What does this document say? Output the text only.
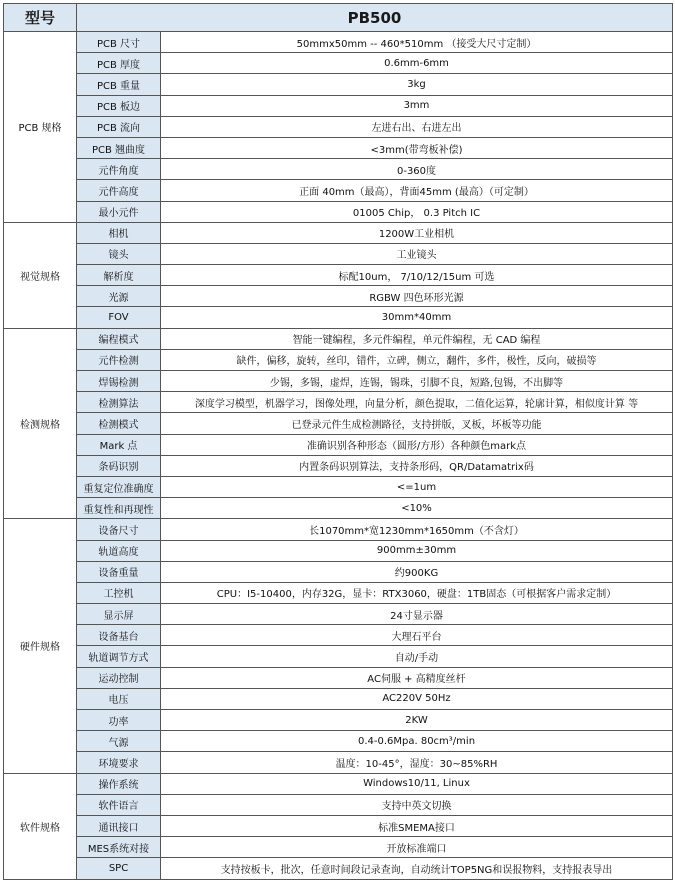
型号	PB500	
PCB 规格	PCB 尺寸	50mmx50mm -- 460*510mm （接受大尺寸定制）
	PCB 厚度	0.6mm-6mm
	PCB 重量	3kg
	PCB 板边	3mm
	PCB 流向	左进右出、右进左出
	PCB 翘曲度	<3mm(带弯板补偿)
	元件角度	0-360度
	元件高度	正面 40mm（最高），背面45mm (最高）（可定制）
	最小元件	01005 Chip， 0.3 Pitch IC
视觉规格	相机	1200W工业相机
	镜头	工业镜头
	解析度	标配10um， 7/10/12/15um 可选
	光源	RGBW 四色环形光源
	FOV	30mm*40mm
检测规格	编程模式	智能一键编程，多元件编程，单元件编程，无 CAD 编程
	元件检测	缺件，偏移，旋转，丝印，错件，立碑，侧立，翻件，多件，极性，反向，破损等
	焊锡检测	少锡，多锡，虚焊，连锡，锡珠，引脚不良，短路,包锡，不出脚等
	检测算法	深度学习模型，机器学习，图像处理，向量分析，颜色提取，二值化运算，轮廓计算，相似度计算 等
	检测模式	已登录元件生成检测路径，支持拼版，叉板，坏板等功能
	Mark 点	准确识别各种形态（圆形/方形）各种颜色mark点
	条码识别	内置条码识别算法，支持条形码，QR/Datamatrix码
	重复定位准确度	<=1um
	重复性和再现性	<10%
硬件规格	设备尺寸	长1070mm*宽1230mm*1650mm（不含灯）
	轨道高度	900mm±30mm
	设备重量	约900KG
	工控机	CPU：I5-10400，内存32G，显卡：RTX3060，硬盘：1TB固态（可根据客户需求定制）
	显示屏	24寸显示器
	设备基台	大理石平台
	轨道调节方式	自动/手动
	运动控制	AC伺服 + 高精度丝杆
	电压	AC220V 50Hz
	功率	2KW
	气源	0.4-0.6Mpa. 80cm³/min
	环境要求	温度：10-45°，湿度：30~85%RH
软件规格	操作系统	Windows10/11, Linux
	软件语言	支持中英文切换
	通讯接口	标准SMEMA接口
	MES系统对接	开放标准端口
	SPC	支持按板卡，批次，任意时间段记录查询，自动统计TOP5NG和误报物料，支持报表导出
